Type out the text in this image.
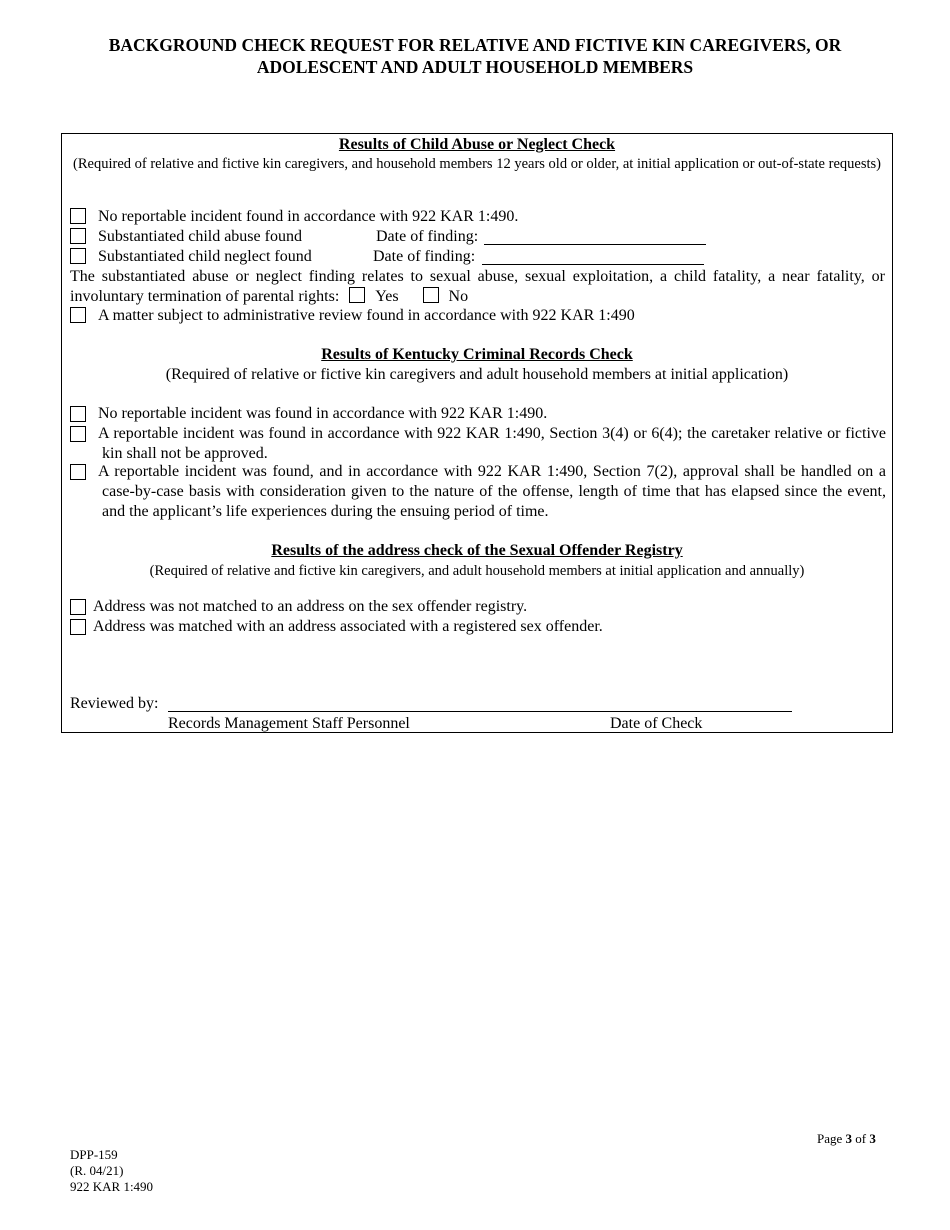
BACKGROUND CHECK REQUEST FOR RELATIVE AND FICTIVE KIN CAREGIVERS, OR
ADOLESCENT AND ADULT HOUSEHOLD MEMBERS
Results of Child Abuse or Neglect Check
(Required of relative and fictive kin caregivers, and household members 12 years old or older, at initial application or out-of-state requests)
No reportable incident found in accordance with 922 KAR 1:490.
Substantiated child abuse found	Date of finding:
Substantiated child neglect found	Date of finding:
The substantiated abuse or neglect finding relates to sexual abuse, sexual exploitation, a child fatality, a near fatality, or involuntary termination of parental rights: Yes	No
A matter subject to administrative review found in accordance with 922 KAR 1:490
Results of Kentucky Criminal Records Check
(Required of relative or fictive kin caregivers and adult household members at initial application)
No reportable incident was found in accordance with 922 KAR 1:490.
A reportable incident was found in accordance with 922 KAR 1:490, Section 3(4) or 6(4); the caretaker relative or fictive kin shall not be approved.
A reportable incident was found, and in accordance with 922 KAR 1:490, Section 7(2), approval shall be handled on a case-by-case basis with consideration given to the nature of the offense, length of time that has elapsed since the event, and the applicant’s life experiences during the ensuing period of time.
Results of the address check of the Sexual Offender Registry
(Required of relative and fictive kin caregivers, and adult household members at initial application and annually)
Address was not matched to an address on the sex offender registry.
Address was matched with an address associated with a registered sex offender.
Reviewed by:
Records Management Staff Personnel	Date of Check
Page 3 of 3
DPP-159
(R. 04/21)
922 KAR 1:490
